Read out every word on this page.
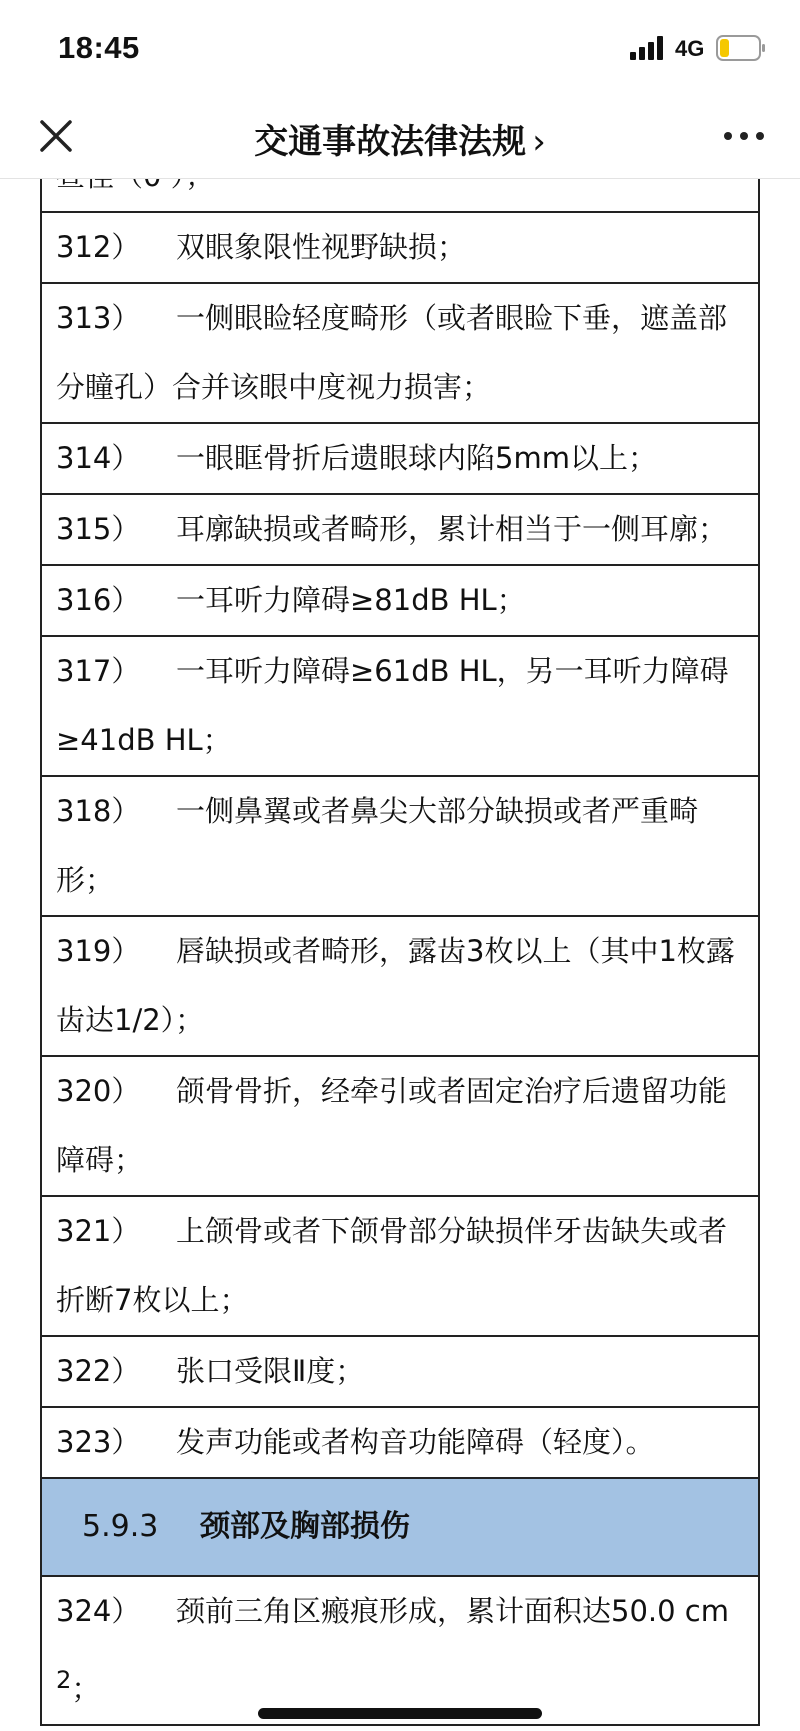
312） 双眼象限性视野缺损；
313） 一侧眼睑轻度畸形（或者眼睑下垂，遮盖部分瞳孔）合并该眼中度视力损害；
314） 一眼眶骨折后遗眼球内陷5mm以上；
315） 耳廓缺损或者畸形，累计相当于一侧耳廓；
316） 一耳听力障碍≥81dB HL；
317） 一耳听力障碍≥61dB HL，另一耳听力障碍≥41dB HL；
318） 一侧鼻翼或者鼻尖大部分缺损或者严重畸形；
319） 唇缺损或者畸形，露齿3枚以上（其中1枚露齿达1/2）；
320） 颌骨骨折，经牵引或者固定治疗后遗留功能障碍；
321） 上颌骨或者下颌骨部分缺损伴牙齿缺失或者折断7枚以上；
322） 张口受限Ⅱ度；
323） 发声功能或者构音功能障碍（轻度）。
5.9.3 颈部及胸部损伤
324） 颈前三角区瘢痕形成，累计面积达50.0 $cm^2$；
18:45	4G
交通事故法律法规 ›
